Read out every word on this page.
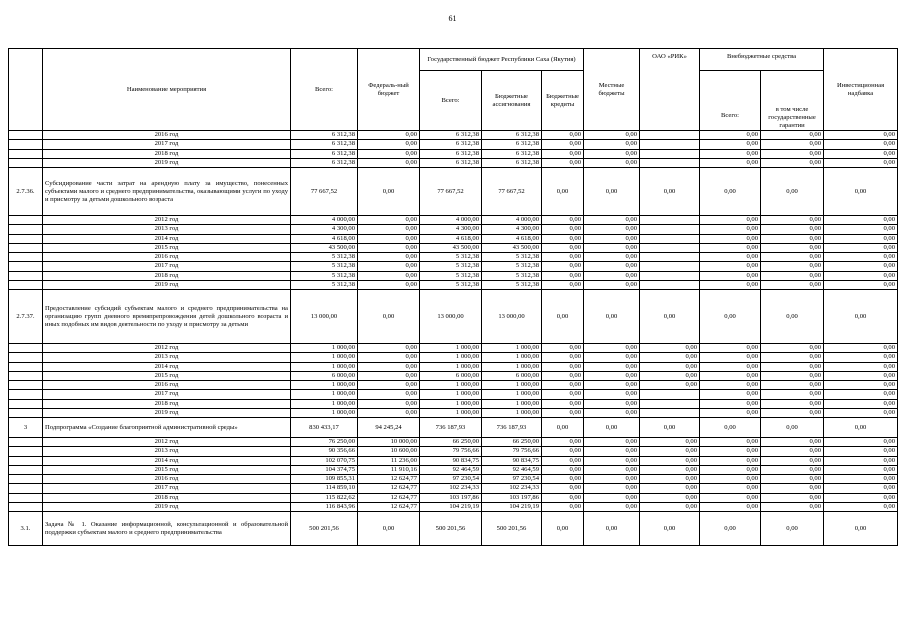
61
	Наименование мероприятия	Всего:	Федераль-ный бюджет	Государственный бюджет Республики Саха (Якутия)			Местные бюджеты	ОАО «РИК»	Внебюджетные средства		Инвестиционная надбавка
				Всего:	Бюджетные ассигнования	Бюджетные кредиты			Всего:	в том числе государственные гарантии	
	2016 год	6 312,38	0,00	6 312,38	6 312,38	0,00	0,00		0,00	0,00	0,00
	2017 год	6 312,38	0,00	6 312,38	6 312,38	0,00	0,00		0,00	0,00	0,00
	2018 год	6 312,38	0,00	6 312,38	6 312,38	0,00	0,00		0,00	0,00	0,00
	2019 год	6 312,38	0,00	6 312,38	6 312,38	0,00	0,00		0,00	0,00	0,00
2.7.36.	Субсидирование части затрат на арендную плату за имущество, понесенных субъектами малого и среднего предпринимательства, оказывающими услуги по уходу и присмотру за детьми дошкольного возраста	77 667,52	0,00	77 667,52	77 667,52	0,00	0,00	0,00	0,00	0,00	0,00
	2012 год	4 000,00	0,00	4 000,00	4 000,00	0,00	0,00		0,00	0,00	0,00
	2013 год	4 300,00	0,00	4 300,00	4 300,00	0,00	0,00		0,00	0,00	0,00
	2014 год	4 618,00	0,00	4 618,00	4 618,00	0,00	0,00		0,00	0,00	0,00
	2015 год	43 500,00	0,00	43 500,00	43 500,00	0,00	0,00		0,00	0,00	0,00
	2016 год	5 312,38	0,00	5 312,38	5 312,38	0,00	0,00		0,00	0,00	0,00
	2017 год	5 312,38	0,00	5 312,38	5 312,38	0,00	0,00		0,00	0,00	0,00
	2018 год	5 312,38	0,00	5 312,38	5 312,38	0,00	0,00		0,00	0,00	0,00
	2019 год	5 312,38	0,00	5 312,38	5 312,38	0,00	0,00		0,00	0,00	0,00
2.7.37.	Предоставление субсидий субъектам малого и среднего предпринимательства на организацию групп дневного времяпрепровождения детей дошкольного возраста и иных подобных им видов деятельности по уходу и присмотру за детьми	13 000,00	0,00	13 000,00	13 000,00	0,00	0,00	0,00	0,00	0,00	0,00
	2012 год	1 000,00	0,00	1 000,00	1 000,00	0,00	0,00	0,00	0,00	0,00	0,00
	2013 год	1 000,00	0,00	1 000,00	1 000,00	0,00	0,00	0,00	0,00	0,00	0,00
	2014 год	1 000,00	0,00	1 000,00	1 000,00	0,00	0,00	0,00	0,00	0,00	0,00
	2015 год	6 000,00	0,00	6 000,00	6 000,00	0,00	0,00	0,00	0,00	0,00	0,00
	2016 год	1 000,00	0,00	1 000,00	1 000,00	0,00	0,00	0,00	0,00	0,00	0,00
	2017 год	1 000,00	0,00	1 000,00	1 000,00	0,00	0,00		0,00	0,00	0,00
	2018 год	1 000,00	0,00	1 000,00	1 000,00	0,00	0,00		0,00	0,00	0,00
	2019 год	1 000,00	0,00	1 000,00	1 000,00	0,00	0,00		0,00	0,00	0,00
3	Подпрограмма «Создание благоприятной административной среды»	830 433,17	94 245,24	736 187,93	736 187,93	0,00	0,00	0,00	0,00	0,00	0,00
	2012 год	76 250,00	10 000,00	66 250,00	66 250,00	0,00	0,00	0,00	0,00	0,00	0,00
	2013 год	90 356,66	10 600,00	79 756,66	79 756,66	0,00	0,00	0,00	0,00	0,00	0,00
	2014 год	102 070,75	11 236,00	90 834,75	90 834,75	0,00	0,00	0,00	0,00	0,00	0,00
	2015 год	104 374,75	11 910,16	92 464,59	92 464,59	0,00	0,00	0,00	0,00	0,00	0,00
	2016 год	109 855,31	12 624,77	97 230,54	97 230,54	0,00	0,00	0,00	0,00	0,00	0,00
	2017 год	114 859,10	12 624,77	102 234,33	102 234,33	0,00	0,00	0,00	0,00	0,00	0,00
	2018 год	115 822,62	12 624,77	103 197,86	103 197,86	0,00	0,00	0,00	0,00	0,00	0,00
	2019 год	116 843,96	12 624,77	104 219,19	104 219,19	0,00	0,00	0,00	0,00	0,00	0,00
3.1.	Задача № 1. Оказание информационной, консультационной и образовательной поддержки субъектам малого и среднего предпринимательства	500 201,56	0,00	500 201,56	500 201,56	0,00	0,00	0,00	0,00	0,00	0,00
